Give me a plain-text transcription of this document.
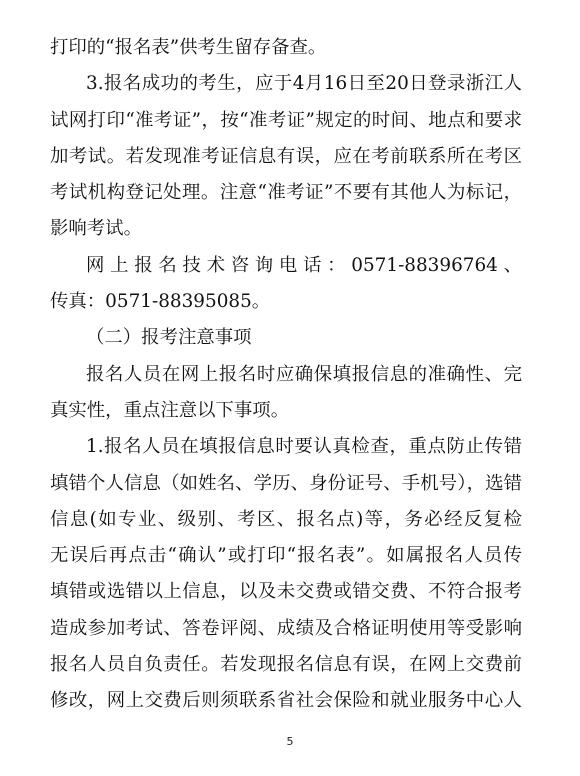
打印的“报名表”供考生留存备查。
3.报名成功的考生，应于4月16日至20日登录浙江人
试网打印“准考证”，按“准考证”规定的时间、地点和要求
加考试。若发现准考证信息有误，应在考前联系所在考区
考试机构登记处理。注意“准考证”不要有其他人为标记，
影响考试。
网上报名技术咨询电话：0571-88396764、
传真：0571-88395085。
（二）报考注意事项
报名人员在网上报名时应确保填报信息的准确性、完
真实性，重点注意以下事项。
1.报名人员在填报信息时要认真检查，重点防止传错
填错个人信息（如姓名、学历、身份证号、手机号），选错
信息(如专业、级别、考区、报名点)等，务必经反复检
无误后再点击“确认”或打印“报名表”。如属报名人员传
填错或选错以上信息，以及未交费或错交费、不符合报考
造成参加考试、答卷评阅、成绩及合格证明使用等受影响
报名人员自负责任。若发现报名信息有误，在网上交费前
修改，网上交费后则须联系省社会保险和就业服务中心人
5
